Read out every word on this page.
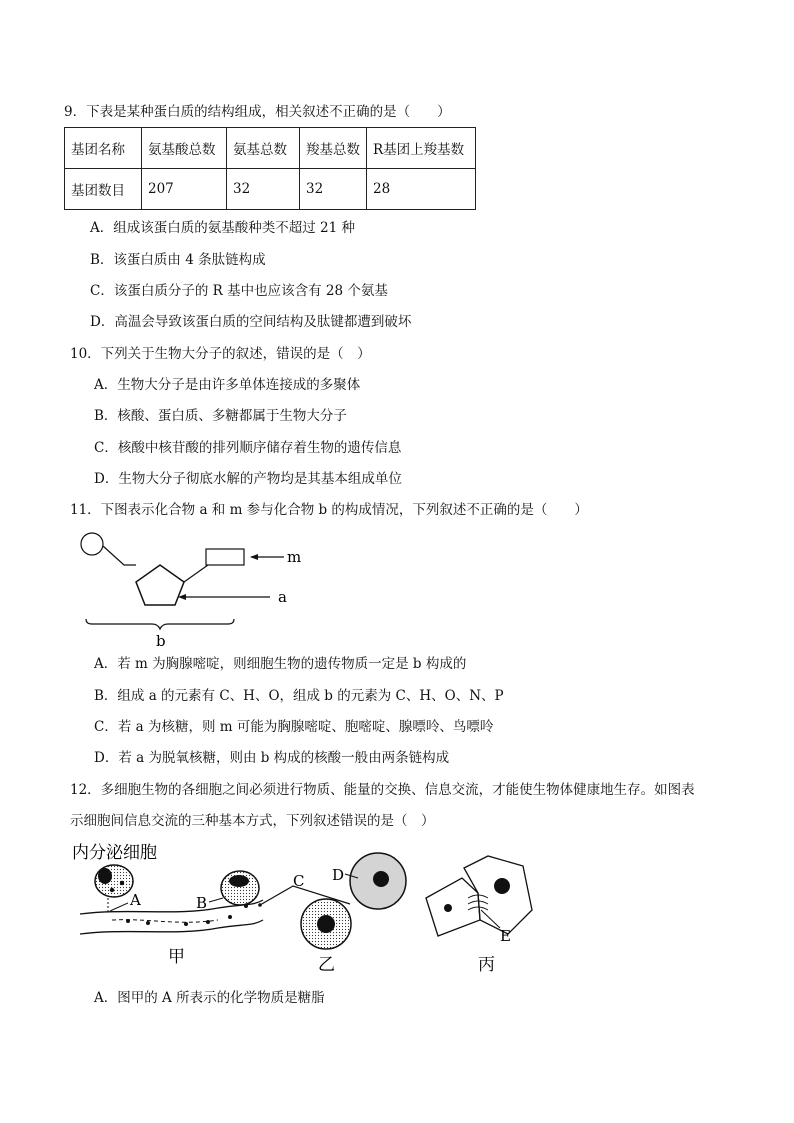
9．下表是某种蛋白质的结构组成，相关叙述不正确的是（　　）
基团名称	氨基酸总数	氨基总数	羧基总数	R基团上羧基数
基团数目	207	32	32	28
A．组成该蛋白质的氨基酸种类不超过 21 种
B．该蛋白质由 4 条肽链构成
C．该蛋白质分子的 R 基中也应该含有 28 个氨基
D．高温会导致该蛋白质的空间结构及肽键都遭到破坏
10．下列关于生物大分子的叙述，错误的是（　）
A．生物大分子是由许多单体连接成的多聚体
B．核酸、蛋白质、多糖都属于生物大分子
C．核酸中核苷酸的排列顺序储存着生物的遗传信息
D．生物大分子彻底水解的产物均是其基本组成单位
11．下图表示化合物 a 和 m 参与化合物 b 的构成情况，下列叙述不正确的是（　　）
m
a
b
A．若 m 为胸腺嘧啶，则细胞生物的遗传物质一定是 b 构成的
B．组成 a 的元素有 C、H、O，组成 b 的元素为 C、H、O、N、P
C．若 a 为核糖，则 m 可能为胸腺嘧啶、胞嘧啶、腺嘌呤、鸟嘌呤
D．若 a 为脱氧核糖，则由 b 构成的核酸一般由两条链构成
12．多细胞生物的各细胞之间必须进行物质、能量的交换、信息交流，才能使生物体健康地生存。如图表
示细胞间信息交流的三种基本方式，下列叙述错误的是（　）
内分泌细胞
A	B
甲
C D
乙
E
丙
A．图甲的 A 所表示的化学物质是糖脂
